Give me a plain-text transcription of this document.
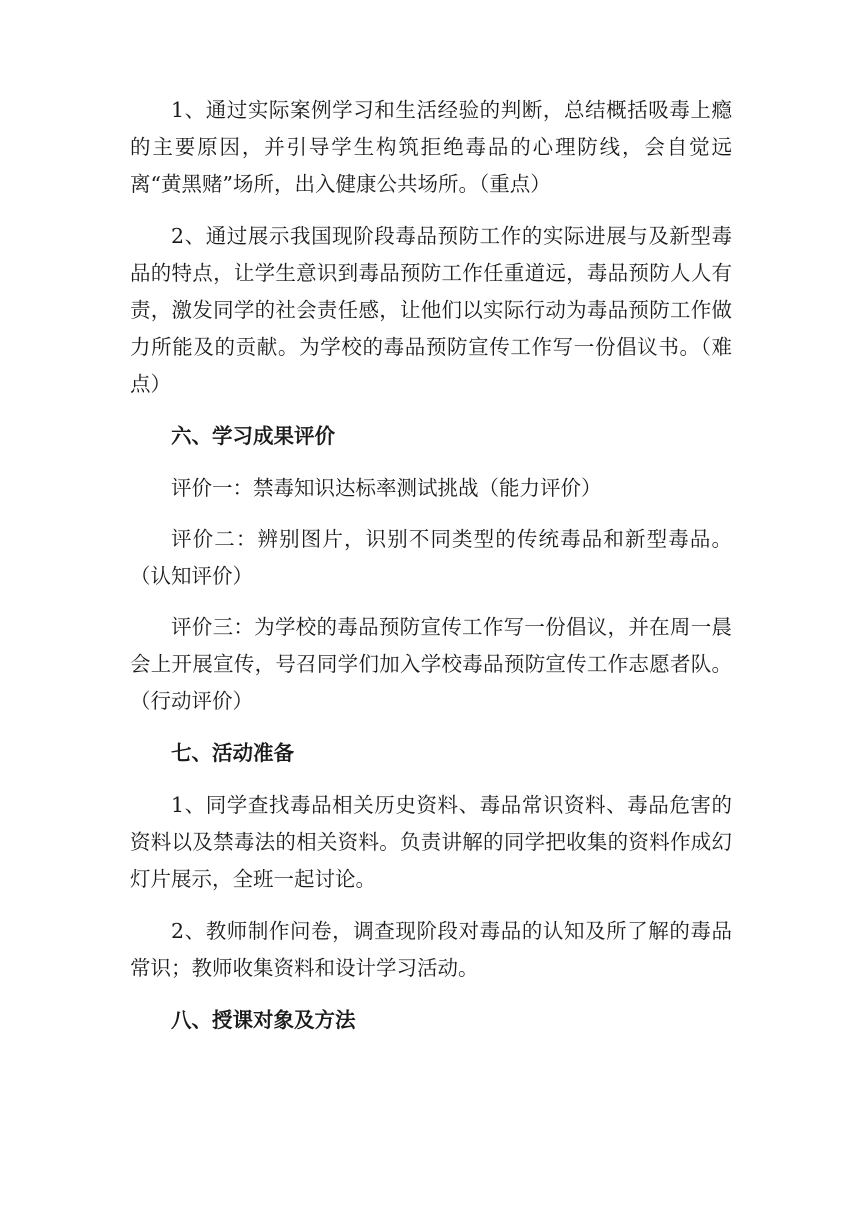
1、通过实际案例学习和生活经验的判断，总结概括吸毒上瘾的主要原因，并引导学生构筑拒绝毒品的心理防线，会自觉远离“黄黑赌”场所，出入健康公共场所。（重点）

2、通过展示我国现阶段毒品预防工作的实际进展与及新型毒品的特点，让学生意识到毒品预防工作任重道远，毒品预防人人有责，激发同学的社会责任感，让他们以实际行动为毒品预防工作做力所能及的贡献。为学校的毒品预防宣传工作写一份倡议书。（难点）

六、学习成果评价

评价一：禁毒知识达标率测试挑战（能力评价）

评价二：辨别图片，识别不同类型的传统毒品和新型毒品。（认知评价）

评价三：为学校的毒品预防宣传工作写一份倡议，并在周一晨会上开展宣传，号召同学们加入学校毒品预防宣传工作志愿者队。（行动评价）

七、活动准备

1、同学查找毒品相关历史资料、毒品常识资料、毒品危害的资料以及禁毒法的相关资料。负责讲解的同学把收集的资料作成幻灯片展示，全班一起讨论。

2、教师制作问卷，调查现阶段对毒品的认知及所了解的毒品常识；教师收集资料和设计学习活动。

八、授课对象及方法
